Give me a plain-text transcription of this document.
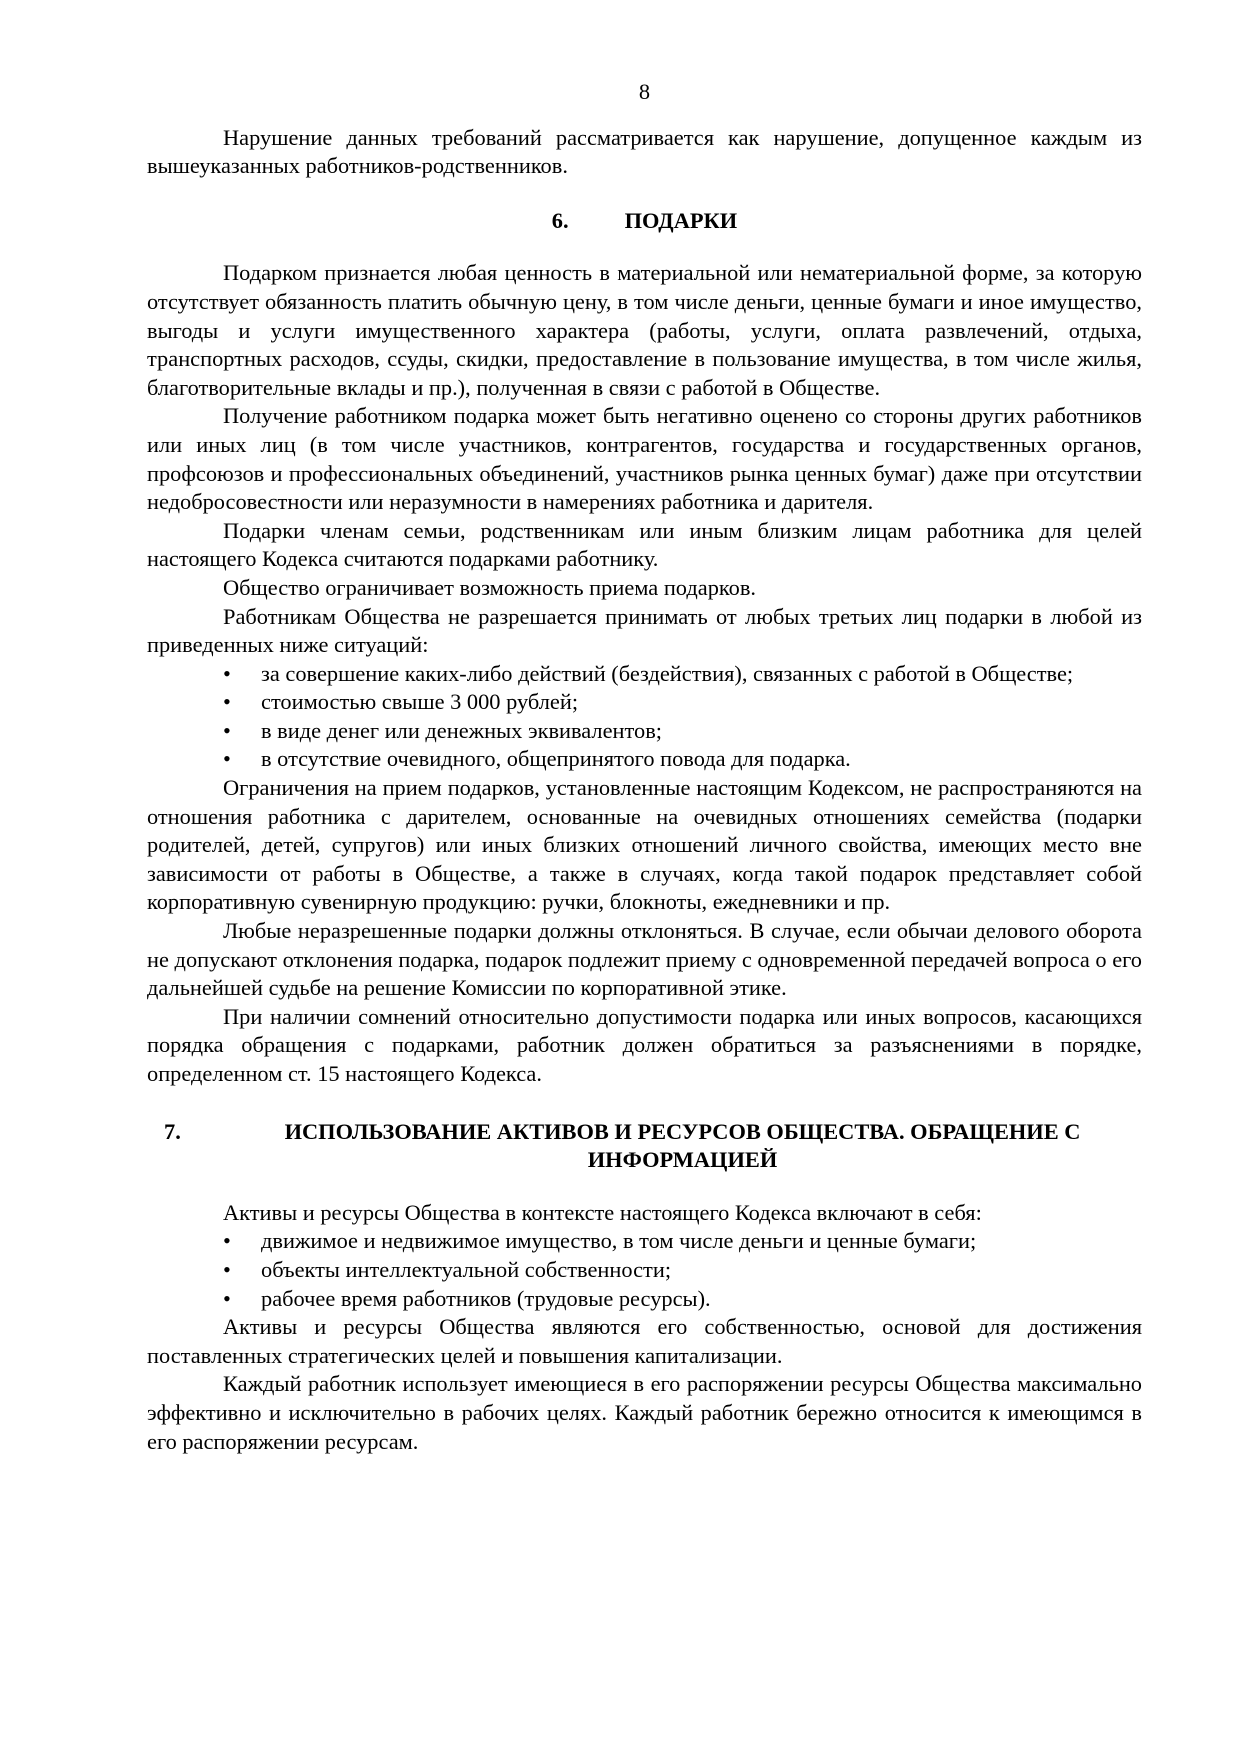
8

Нарушение данных требований рассматривается как нарушение, допущенное каждым из вышеуказанных работников-родственников.

6.	ПОДАРКИ

Подарком признается любая ценность в материальной или нематериальной форме, за которую отсутствует обязанность платить обычную цену, в том числе деньги, ценные бумаги и иное имущество, выгоды и услуги имущественного характера (работы, услуги, оплата развлечений, отдыха, транспортных расходов, ссуды, скидки, предоставление в пользование имущества, в том числе жилья, благотворительные вклады и пр.), полученная в связи с работой в Обществе.

Получение работником подарка может быть негативно оценено со стороны других работников или иных лиц (в том числе участников, контрагентов, государства и государственных органов, профсоюзов и профессиональных объединений, участников рынка ценных бумаг) даже при отсутствии недобросовестности или неразумности в намерениях работника и дарителя.

Подарки членам семьи, родственникам или иным близким лицам работника для целей настоящего Кодекса считаются подарками работнику.

Общество ограничивает возможность приема подарков.

Работникам Общества не разрешается принимать от любых третьих лиц подарки в любой из приведенных ниже ситуаций:

•	за совершение каких-либо действий (бездействия), связанных с работой в Обществе;
•	стоимостью свыше 3 000 рублей;
•	в виде денег или денежных эквивалентов;
•	в отсутствие очевидного, общепринятого повода для подарка.

Ограничения на прием подарков, установленные настоящим Кодексом, не распространяются на отношения работника с дарителем, основанные на очевидных отношениях семейства (подарки родителей, детей, супругов) или иных близких отношений личного свойства, имеющих место вне зависимости от работы в Обществе, а также в случаях, когда такой подарок представляет собой корпоративную сувенирную продукцию: ручки, блокноты, ежедневники и пр.

Любые неразрешенные подарки должны отклоняться. В случае, если обычаи делового оборота не допускают отклонения подарка, подарок подлежит приему с одновременной передачей вопроса о его дальнейшей судьбе на решение Комиссии по корпоративной этике.

При наличии сомнений относительно допустимости подарка или иных вопросов, касающихся порядка обращения с подарками, работник должен обратиться за разъяснениями в порядке, определенном ст. 15 настоящего Кодекса.

7.	ИСПОЛЬЗОВАНИЕ АКТИВОВ И РЕСУРСОВ ОБЩЕСТВА. ОБРАЩЕНИЕ С ИНФОРМАЦИЕЙ

Активы и ресурсы Общества в контексте настоящего Кодекса включают в себя:

•	движимое и недвижимое имущество, в том числе деньги и ценные бумаги;
•	объекты интеллектуальной собственности;
•	рабочее время работников (трудовые ресурсы).

Активы и ресурсы Общества являются его собственностью, основой для достижения поставленных стратегических целей и повышения капитализации.

Каждый работник использует имеющиеся в его распоряжении ресурсы Общества максимально эффективно и исключительно в рабочих целях. Каждый работник бережно относится к имеющимся в его распоряжении ресурсам.
